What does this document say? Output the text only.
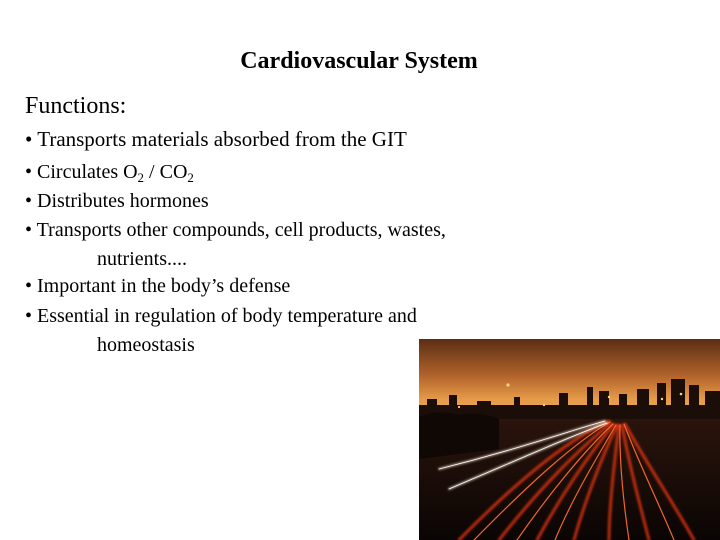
Cardiovascular System
Functions:
• Transports materials absorbed from the GIT
• Circulates $O_2 / CO_2$
• Distributes hormones
• Transports other compounds, cell products, wastes,
nutrients....
• Important in the body’s defense
• Essential in regulation of body temperature and
homeostasis
